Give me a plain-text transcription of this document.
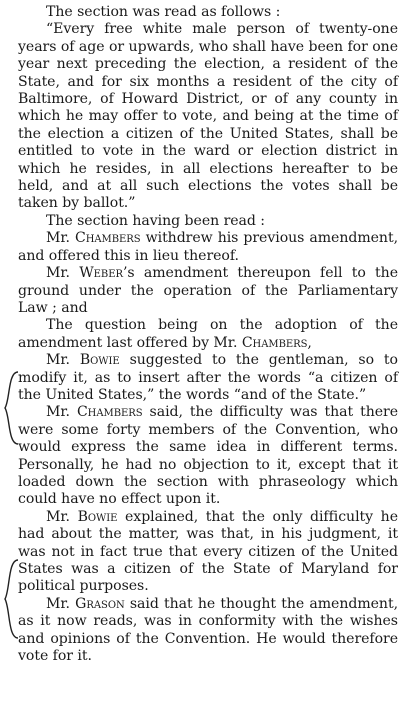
The section was read as follows :

“Every free white male person of twenty-one years of age or upwards, who shall have been for one year next preceding the election, a resident of the State, and for six months a resident of the city of Baltimore, of Howard District, or of any county in which he may offer to vote, and being at the time of the election a citizen of the United States, shall be entitled to vote in the ward or election district in which he resides, in all elections hereafter to be held, and at all such elections the votes shall be taken by ballot.”

The section having been read :

Mr. Chambers withdrew his previous amendment, and offered this in lieu thereof.

Mr. Weber’s amendment thereupon fell to the ground under the operation of the Parliamentary Law ; and

The question being on the adoption of the amendment last offered by Mr. Chambers,

Mr. Bowie suggested to the gentleman, so to modify it, as to insert after the words “a citizen of the United States,” the words “and of the State.”

Mr. Chambers said, the difficulty was that there were some forty members of the Convention, who would express the same idea in different terms. Personally, he had no objection to it, except that it loaded down the section with phraseology which could have no effect upon it.

Mr. Bowie explained, that the only difficulty he had about the matter, was that, in his judgment, it was not in fact true that every citizen of the United States was a citizen of the State of Maryland for political purposes.

Mr. Grason said that he thought the amendment, as it now reads, was in conformity with the wishes and opinions of the Convention. He would therefore vote for it.
